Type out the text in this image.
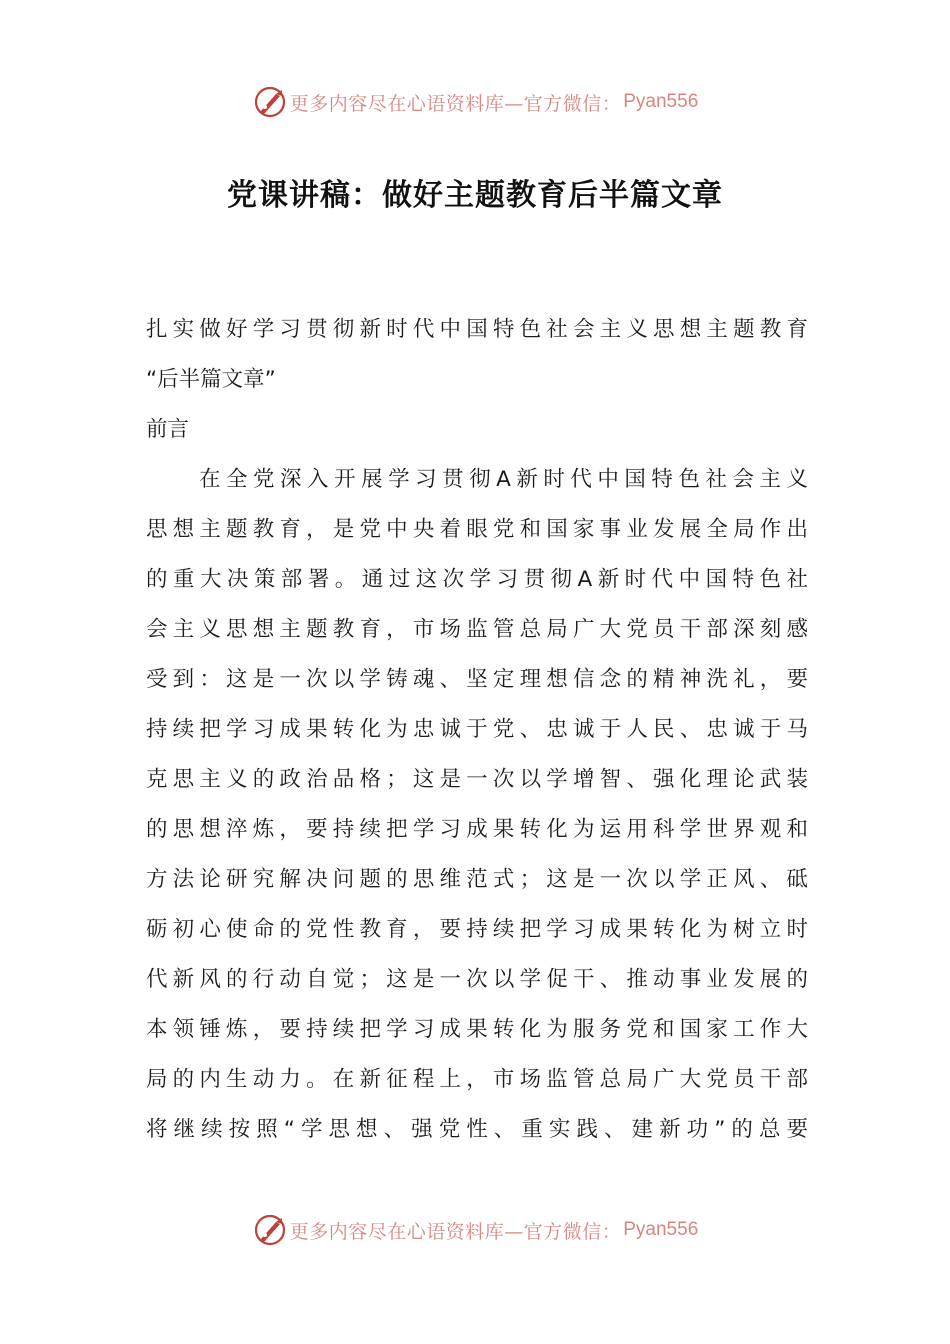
更多内容尽在心语资料库—官方微信： Pyan556
党课讲稿：做好主题教育后半篇文章
扎实做好学习贯彻新时代中国特色社会主义思想主题教育
“后半篇文章”
前言
在全党深入开展学习贯彻A新时代中国特色社会主义
思想主题教育，是党中央着眼党和国家事业发展全局作出
的重大决策部署。通过这次学习贯彻A新时代中国特色社
会主义思想主题教育，市场监管总局广大党员干部深刻感
受到：这是一次以学铸魂、坚定理想信念的精神洗礼，要
持续把学习成果转化为忠诚于党、忠诚于人民、忠诚于马
克思主义的政治品格；这是一次以学增智、强化理论武装
的思想淬炼，要持续把学习成果转化为运用科学世界观和
方法论研究解决问题的思维范式；这是一次以学正风、砥
砺初心使命的党性教育，要持续把学习成果转化为树立时
代新风的行动自觉；这是一次以学促干、推动事业发展的
本领锤炼，要持续把学习成果转化为服务党和国家工作大
局的内生动力。在新征程上，市场监管总局广大党员干部
将继续按照“学思想、强党性、重实践、建新功”的总要
更多内容尽在心语资料库—官方微信： Pyan556
